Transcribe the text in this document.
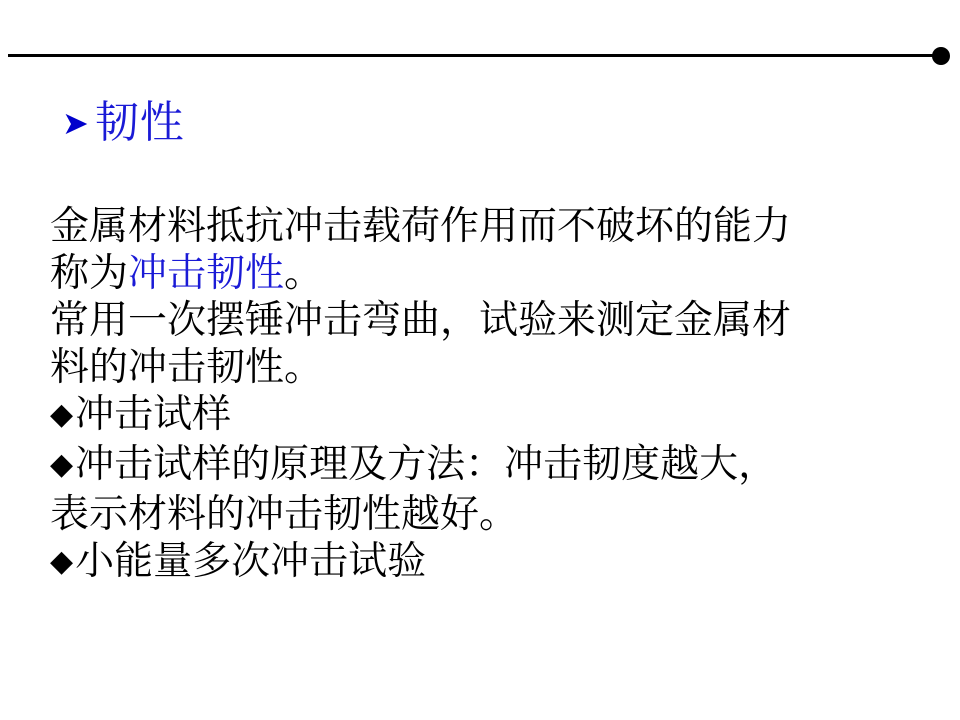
➤ 韧性
金属材料抵抗冲击载荷作用而不破坏的能力
称为冲击韧性。
常用一次摆锤冲击弯曲，试验来测定金属材
料的冲击韧性。
◆冲击试样
◆冲击试样的原理及方法：冲击韧度越大，
表示材料的冲击韧性越好。
◆小能量多次冲击试验
